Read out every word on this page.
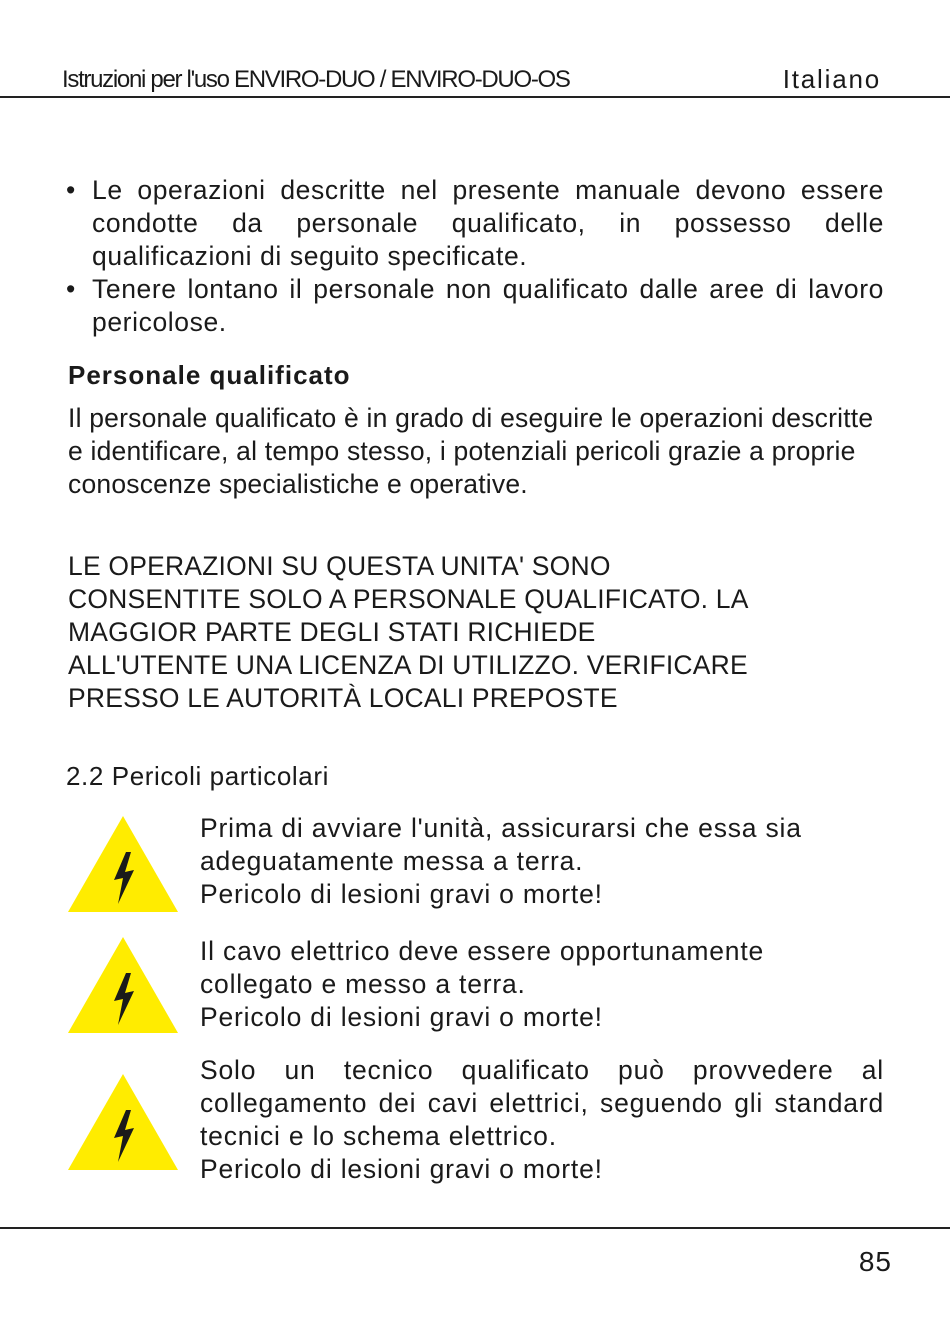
Istruzioni per l'uso ENVIRO-DUO / ENVIRO-DUO-OS	Italiano
• Le operazioni descritte nel presente manuale devono essere condotte da personale qualificato, in possesso delle qualificazioni di seguito specificate.
• Tenere lontano il personale non qualificato dalle aree di lavoro pericolose.
Personale qualificato
Il personale qualificato è in grado di eseguire le operazioni descritte e identificare, al tempo stesso, i potenziali pericoli grazie a proprie conoscenze specialistiche e operative.
LE OPERAZIONI SU QUESTA UNITA' SONO
CONSENTITE SOLO A PERSONALE QUALIFICATO. LA
MAGGIOR PARTE DEGLI STATI RICHIEDE
ALL'UTENTE UNA LICENZA DI UTILIZZO. VERIFICARE
PRESSO LE AUTORITÀ LOCALI PREPOSTE
2.2 Pericoli particolari

Prima di avviare l'unità, assicurarsi che essa sia adeguatamente messa a terra.

Pericolo di lesioni gravi o morte!

Il cavo elettrico deve essere opportunamente collegato e messo a terra.

Pericolo di lesioni gravi o morte!

Solo un tecnico qualificato può provvedere al collegamento dei cavi elettrici, seguendo gli standard tecnici e lo schema elettrico.

Pericolo di lesioni gravi o morte!

85
